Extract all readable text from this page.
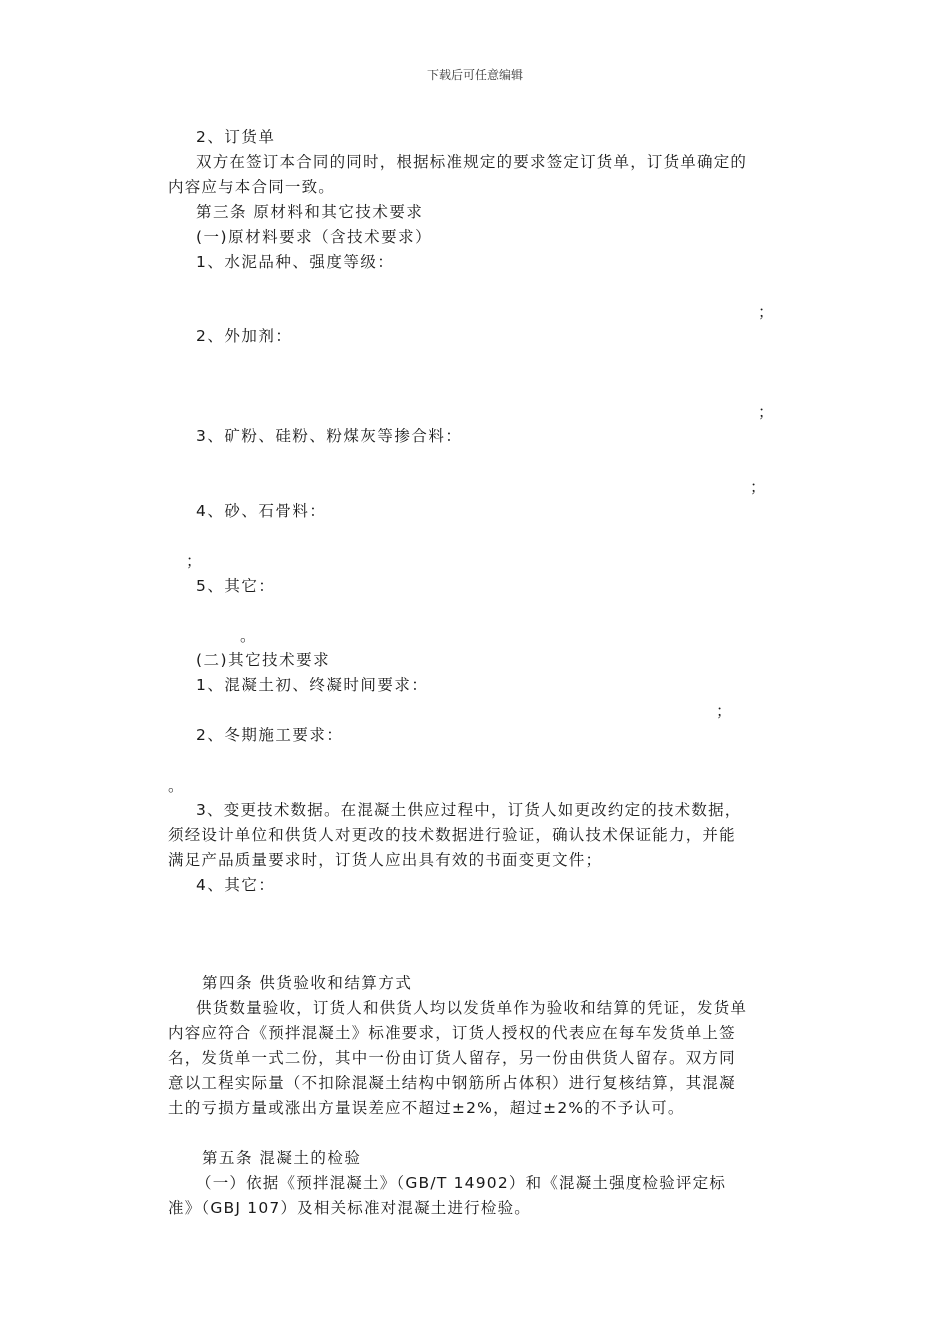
下载后可任意编辑
2、订货单
双方在签订本合同的同时，根据标准规定的要求签定订货单，订货单确定的
内容应与本合同一致。
第三条 原材料和其它技术要求
(一)原材料要求（含技术要求）
1、水泥品种、强度等级：
；
2、外加剂：
；
3、矿粉、硅粉、粉煤灰等掺合料：
；
4、砂、石骨料：
；
5、其它：
。
(二)其它技术要求
1、混凝土初、终凝时间要求：
；
2、冬期施工要求：
。
3、变更技术数据。在混凝土供应过程中，订货人如更改约定的技术数据，
须经设计单位和供货人对更改的技术数据进行验证，确认技术保证能力，并能
满足产品质量要求时，订货人应出具有效的书面变更文件；
4、其它：
第四条 供货验收和结算方式
供货数量验收，订货人和供货人均以发货单作为验收和结算的凭证，发货单
内容应符合《预拌混凝土》标准要求，订货人授权的代表应在每车发货单上签
名，发货单一式二份，其中一份由订货人留存，另一份由供货人留存。双方同
意以工程实际量（不扣除混凝土结构中钢筋所占体积）进行复核结算，其混凝
土的亏损方量或涨出方量误差应不超过±2%，超过±2%的不予认可。
第五条 混凝土的检验
（一）依据《预拌混凝土》（GB/T 14902）和《混凝土强度检验评定标
准》（GBJ 107）及相关标准对混凝土进行检验。
